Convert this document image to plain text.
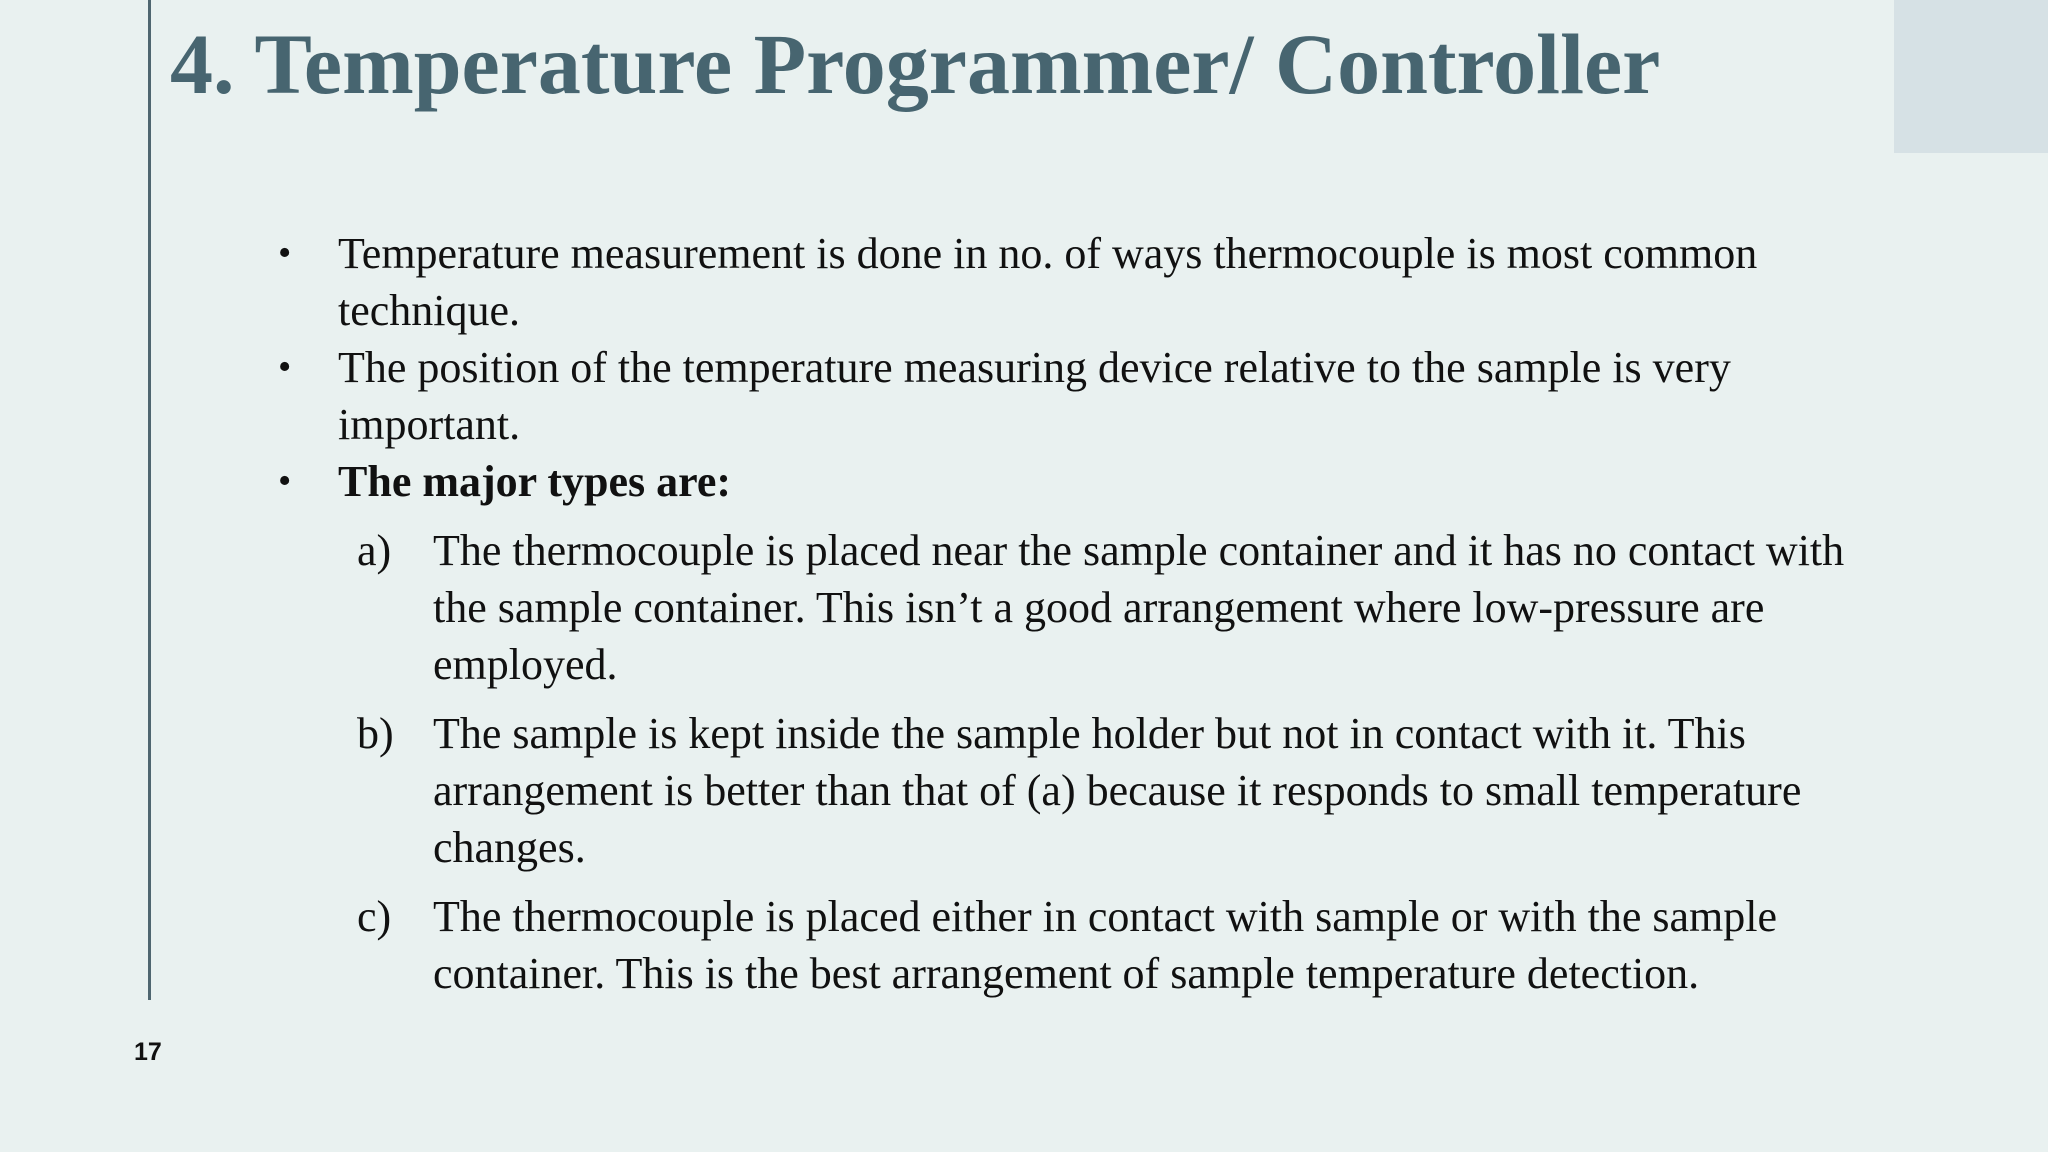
4. Temperature Programmer/ Controller
• Temperature measurement is done in no. of ways thermocouple is most common technique.
• The position of the temperature measuring device relative to the sample is very important.
• The major types are:
a) The thermocouple is placed near the sample container and it has no contact with the sample container. This isn’t a good arrangement where low-pressure are employed.
b) The sample is kept inside the sample holder but not in contact with it. This arrangement is better than that of (a) because it responds to small temperature changes.
c) The thermocouple is placed either in contact with sample or with the sample container. This is the best arrangement of sample temperature detection.
17
